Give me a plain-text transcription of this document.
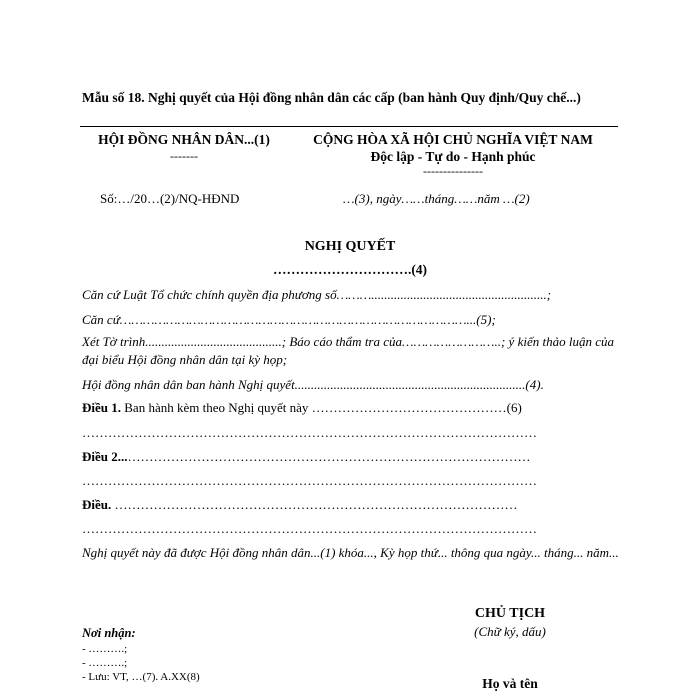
Mẫu số 18. Nghị quyết của Hội đồng nhân dân các cấp (ban hành Quy định/Quy chế...)
HỘI ĐỒNG NHÂN DÂN...(1)
-------
CỘNG HÒA XÃ HỘI CHỦ NGHĨA VIỆT NAM
Độc lập - Tự do - Hạnh phúc
---------------
Số:…/20…(2)/NQ-HĐND	…(3), ngày……tháng……năm …(2)
NGHỊ QUYẾT
………………………….(4)
Căn cứ Luật Tổ chức chính quyền địa phương số………......................................................;
Căn cứ………………………………………………………………………………...(5);
Xét Tờ trình..........................................; Báo cáo thẩm tra của……………………..; ý kiến thảo luận của đại biểu Hội đồng nhân dân tại kỳ họp;
Hội đồng nhân dân ban hành Nghị quyết.......................................................................(4).
Điều 1. Ban hành kèm theo Nghị quyết này ………………………………………(6)
……………………………………………………………………………………………
Điều 2...…………………………………………………………………………………
……………………………………………………………………………………………
Điều. …………………………………………………………………………………
……………………………………………………………………………………………
Nghị quyết này đã được Hội đồng nhân dân...(1) khóa..., Kỳ họp thứ... thông qua ngày... tháng... năm...
CHỦ TỊCH
(Chữ ký, dấu)
Họ và tên
Nơi nhận:
- ……….;
- ……….;
- Lưu: VT, …(7). A.XX(8)
